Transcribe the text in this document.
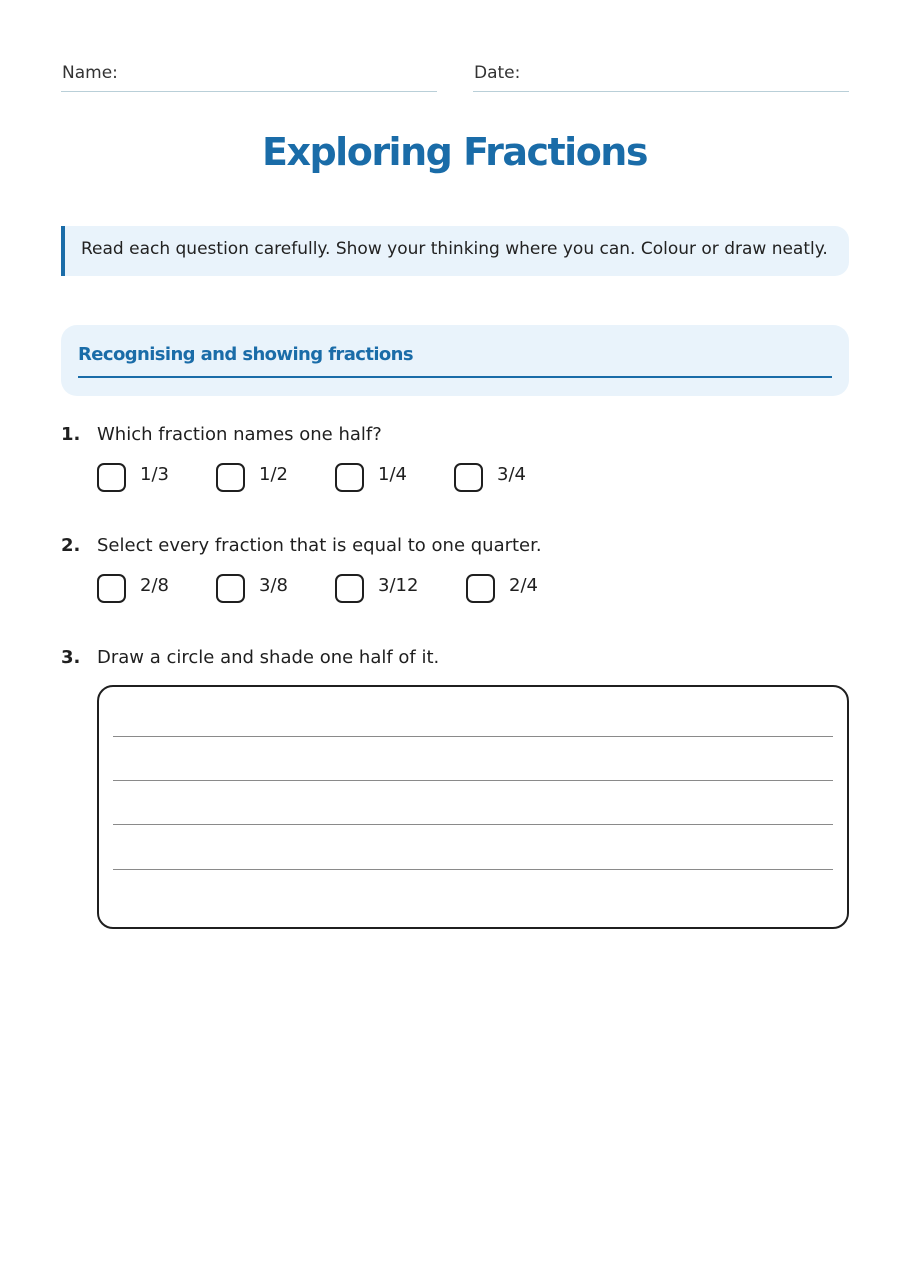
Name:	Date:
Exploring Fractions
Read each question carefully. Show your thinking where you can. Colour or draw neatly.
Recognising and showing fractions
1. Which fraction names one half?
1/3	1/2	1/4	3/4
2. Select every fraction that is equal to one quarter.
2/8	3/8	3/12	2/4
3. Draw a circle and shade one half of it.
